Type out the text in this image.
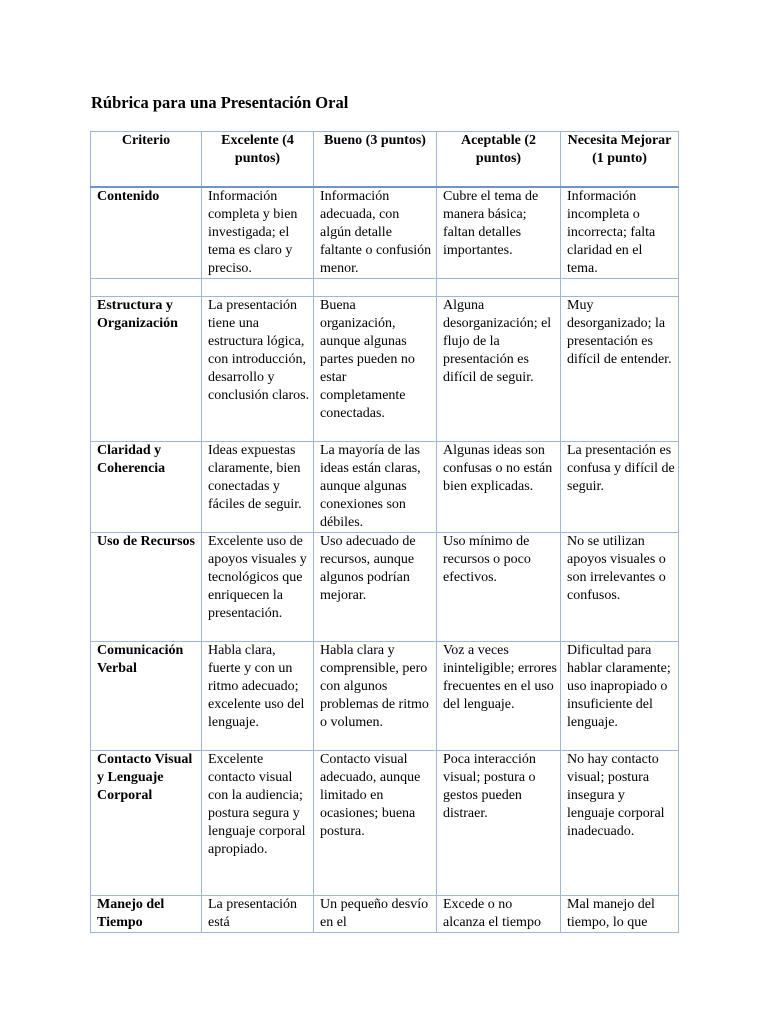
Rúbrica para una Presentación Oral
Criterio	Excelente (4 puntos)	Bueno (3 puntos)	Aceptable (2 puntos)	Necesita Mejorar (1 punto)
Contenido	Información completa y bien investigada; el tema es claro y preciso.	Información adecuada, con algún detalle faltante o confusión menor.	Cubre el tema de manera básica; faltan detalles importantes.	Información incompleta o incorrecta; falta claridad en el tema.

Estructura y Organización	La presentación tiene una estructura lógica, con introducción, desarrollo y conclusión claros.	Buena organización, aunque algunas partes pueden no estar completamente conectadas.	Alguna desorganización; el flujo de la presentación es difícil de seguir.	Muy desorganizado; la presentación es difícil de entender.
Claridad y Coherencia	Ideas expuestas claramente, bien conectadas y fáciles de seguir.	La mayoría de las ideas están claras, aunque algunas conexiones son débiles.	Algunas ideas son confusas o no están bien explicadas.	La presentación es confusa y difícil de seguir.
Uso de Recursos	Excelente uso de apoyos visuales y tecnológicos que enriquecen la presentación.	Uso adecuado de recursos, aunque algunos podrían mejorar.	Uso mínimo de recursos o poco efectivos.	No se utilizan apoyos visuales o son irrelevantes o confusos.
Comunicación Verbal	Habla clara, fuerte y con un ritmo adecuado; excelente uso del lenguaje.	Habla clara y comprensible, pero con algunos problemas de ritmo o volumen.	Voz a veces ininteligible; errores frecuentes en el uso del lenguaje.	Dificultad para hablar claramente; uso inapropiado o insuficiente del lenguaje.
Contacto Visual y Lenguaje Corporal	Excelente contacto visual con la audiencia; postura segura y lenguaje corporal apropiado.	Contacto visual adecuado, aunque limitado en ocasiones; buena postura.	Poca interacción visual; postura o gestos pueden distraer.	No hay contacto visual; postura insegura y lenguaje corporal inadecuado.
Manejo del Tiempo	La presentación está	Un pequeño desvío en el	Excede o no alcanza el tiempo	Mal manejo del tiempo, lo que
